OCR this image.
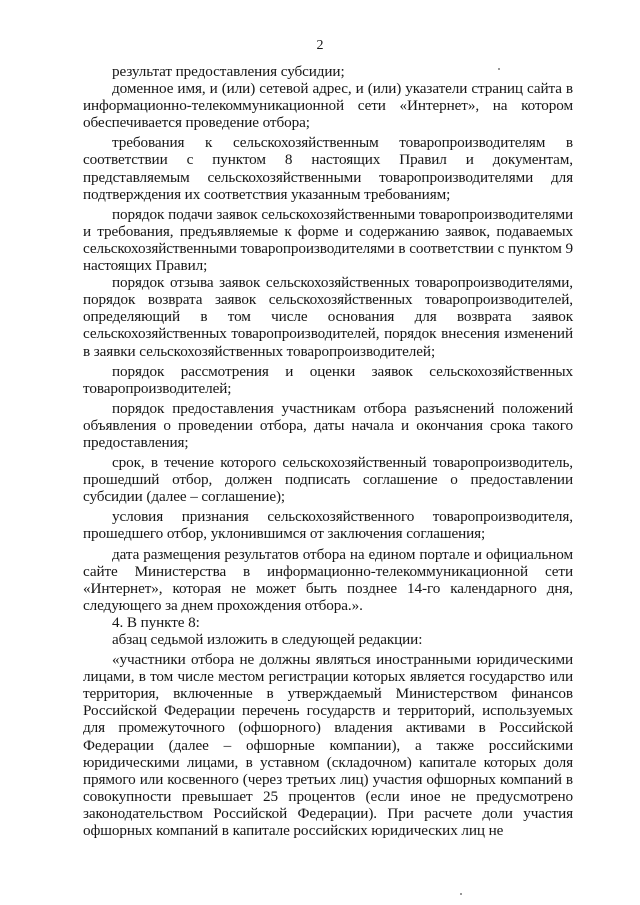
2

результат предоставления субсидии;

доменное имя, и (или) сетевой адрес, и (или) указатели страниц сайта в информационно-телекоммуникационной сети «Интернет», на котором обеспечивается проведение отбора;

требования к сельскохозяйственным товаропроизводителям в соответствии с пунктом 8 настоящих Правил и документам, представляемым сельскохозяйственными товаропроизводителями для подтверждения их соответствия указанным требованиям;

порядок подачи заявок сельскохозяйственными товаропроизводителями и требования, предъявляемые к форме и содержанию заявок, подаваемых сельскохозяйственными товаропроизводителями в соответствии с пунктом 9 настоящих Правил;

порядок отзыва заявок сельскохозяйственных товаропроизводителями, порядок возврата заявок сельскохозяйственных товаропроизводителей, определяющий в том числе основания для возврата заявок сельскохозяйственных товаропроизводителей, порядок внесения изменений в заявки сельскохозяйственных товаропроизводителей;

порядок рассмотрения и оценки заявок сельскохозяйственных товаропроизводителей;

порядок предоставления участникам отбора разъяснений положений объявления о проведении отбора, даты начала и окончания срока такого предоставления;

срок, в течение которого сельскохозяйственный товаропроизводитель, прошедший отбор, должен подписать соглашение о предоставлении субсидии (далее – соглашение);

условия признания сельскохозяйственного товаропроизводителя, прошедшего отбор, уклонившимся от заключения соглашения;

дата размещения результатов отбора на едином портале и официальном сайте Министерства в информационно-телекоммуникационной сети «Интернет», которая не может быть позднее 14-го календарного дня, следующего за днем прохождения отбора.».

4. В пункте 8:

абзац седьмой изложить в следующей редакции:

«участники отбора не должны являться иностранными юридическими лицами, в том числе местом регистрации которых является государство или территория, включенные в утверждаемый Министерством финансов Российской Федерации перечень государств и территорий, используемых для промежуточного (офшорного) владения активами в Российской Федерации (далее – офшорные компании), а также российскими юридическими лицами, в уставном (складочном) капитале которых доля прямого или косвенного (через третьих лиц) участия офшорных компаний в совокупности превышает 25 процентов (если иное не предусмотрено законодательством Российской Федерации). При расчете доли участия офшорных компаний в капитале российских юридических лиц не
